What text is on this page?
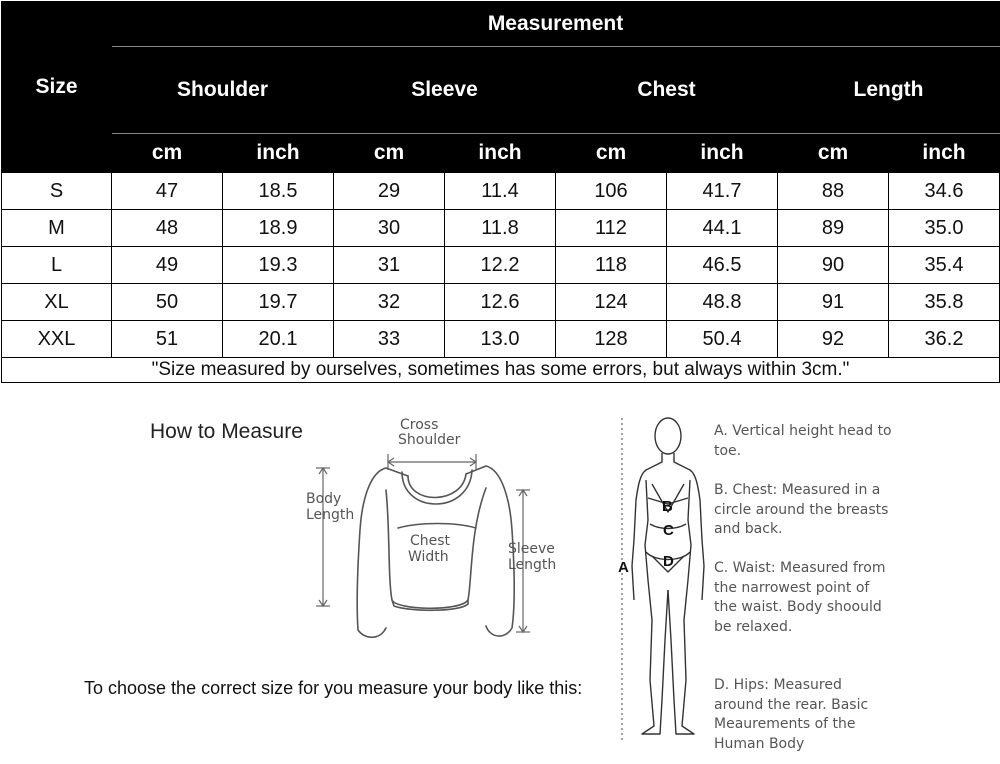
Size	Measurement							
	Shoulder		Sleeve		Chest		Length	
	cm	inch	cm	inch	cm	inch	cm	inch
S	47	18.5	29	11.4	106	41.7	88	34.6
M	48	18.9	30	11.8	112	44.1	89	35.0
L	49	19.3	31	12.2	118	46.5	90	35.4
XL	50	19.7	32	12.6	124	48.8	91	35.8
XXL	51	20.1	33	13.0	128	50.4	92	36.2
"Size measured by ourselves, sometimes has some errors, but always within 3cm."								
How to Measure
To choose the correct size for you measure your body like this:
Cross
Shoulder
Body
Length
Chest
Width	Sleeve
Length	A
B
C
D
A. Vertical height head to toe.
B. Chest: Measured in a circle around the breasts and back.
C. Waist: Measured from the narrowest point of the waist. Body shoould be relaxed.
D. Hips: Measured around the rear. Basic Meaurements of the Human Body
